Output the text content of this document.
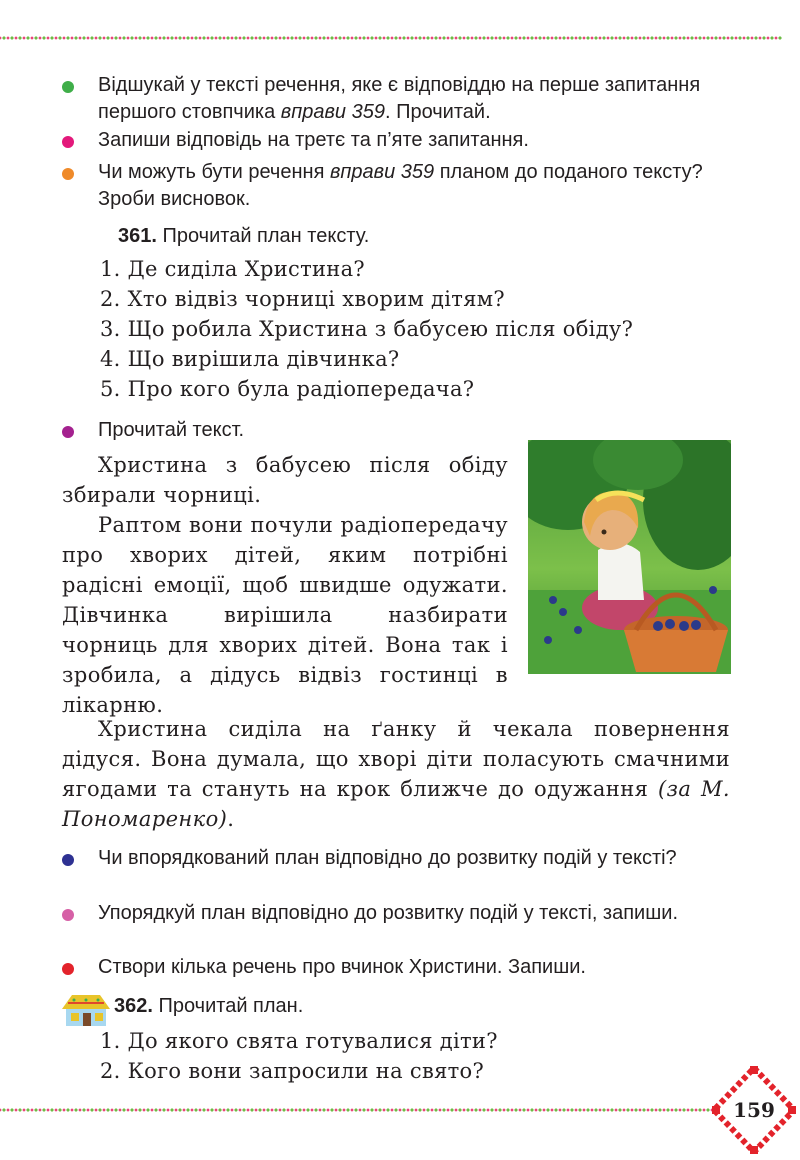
Відшукай у тексті речення, яке є відповіддю на перше запитання першого стовпчика вправи 359. Прочитай.
Запиши відповідь на третє та п’яте запитання.
Чи можуть бути речення вправи 359 планом до поданого тексту? Зроби висновок.
361. Прочитай план тексту.
1. Де сиділа Христина?
2. Хто відвіз чорниці хворим дітям?
3. Що робила Христина з бабусею після обіду?
4. Що вирішила дівчинка?
5. Про кого була радіопередача?
Прочитай текст.
Христина з бабусею після обіду збирали чорниці.
Раптом вони почули радіопередачу про хворих дітей, яким потрібні радісні емоції, щоб швидше одужати. Дівчинка вирішила назбирати чорниць для хворих дітей. Вона так і зробила, а дідусь відвіз гостинці в лікарню.
Христина сиділа на ґанку й чекала повернення дідуся. Вона думала, що хворі діти поласують смачними ягодами та стануть на крок ближче до одужання (за М. Пономаренко).
Чи впорядкований план відповідно до розвитку подій у тексті?
Упорядкуй план відповідно до розвитку подій у тексті, запиши.
Створи кілька речень про вчинок Христини. Запиши.
362. Прочитай план.
1. До якого свята готувалися діти?
2. Кого вони запросили на свято?
159
